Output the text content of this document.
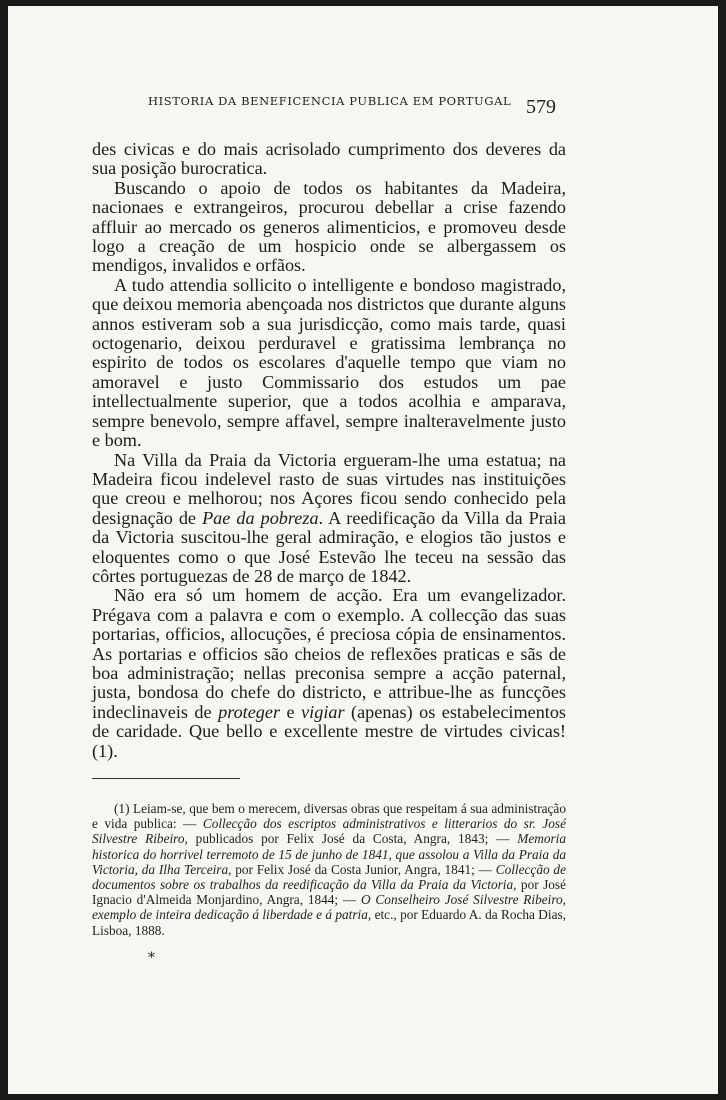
HISTORIA DA BENEFICENCIA PUBLICA EM PORTUGAL 579

des civicas e do mais acrisolado cumprimento dos deveres da sua posição burocratica.

Buscando o apoio de todos os habitantes da Madeira, nacionaes e extrangeiros, procurou debellar a crise fazendo affluir ao mercado os generos alimenticios, e promoveu desde logo a creação de um hospicio onde se albergassem os mendigos, invalidos e orfãos.

A tudo attendia sollicito o intelligente e bondoso magistrado, que deixou memoria abençoada nos districtos que durante alguns annos estiveram sob a sua jurisdicção, como mais tarde, quasi octogenario, deixou perduravel e gratissima lembrança no espirito de todos os escolares d'aquelle tempo que viam no amoravel e justo Commissario dos estudos um pae intellectualmente superior, que a todos acolhia e amparava, sempre benevolo, sempre affavel, sempre inalteravelmente justo e bom.

Na Villa da Praia da Victoria ergueram-lhe uma estatua; na Madeira ficou indelevel rasto de suas virtudes nas instituições que creou e melhorou; nos Açores ficou sendo conhecido pela designação de Pae da pobreza. A reedificação da Villa da Praia da Victoria suscitou-lhe geral admiração, e elogios tão justos e eloquentes como o que José Estevão lhe teceu na sessão das côrtes portuguezas de 28 de março de 1842.

Não era só um homem de acção. Era um evangelizador. Prégava com a palavra e com o exemplo. A collecção das suas portarias, officios, allocuções, é preciosa cópia de ensinamentos. As portarias e officios são cheios de reflexões praticas e sãs de boa administração; nellas preconisa sempre a acção paternal, justa, bondosa do chefe do districto, e attribue-lhe as funcções indeclinaveis de proteger e vigiar (apenas) os estabelecimentos de caridade. Que bello e excellente mestre de virtudes civicas! (1).

(1) Leiam-se, que bem o merecem, diversas obras que respeitam á sua administração e vida publica: — Collecção dos escriptos administrativos e litterarios do sr. José Silvestre Ribeiro, publicados por Felix José da Costa, Angra, 1843; — Memoria historica do horrivel terremoto de 15 de junho de 1841, que assolou a Villa da Praia da Victoria, da Ilha Terceira, por Felix José da Costa Junior, Angra, 1841; — Collecção de documentos sobre os trabalhos da reedificação da Villa da Praia da Victoria, por José Ignacio d'Almeida Monjardino, Angra, 1844; — O Conselheiro José Silvestre Ribeiro, exemplo de inteira dedicação á liberdade e á patria, etc., por Eduardo A. da Rocha Dias, Lisboa, 1888.
*
